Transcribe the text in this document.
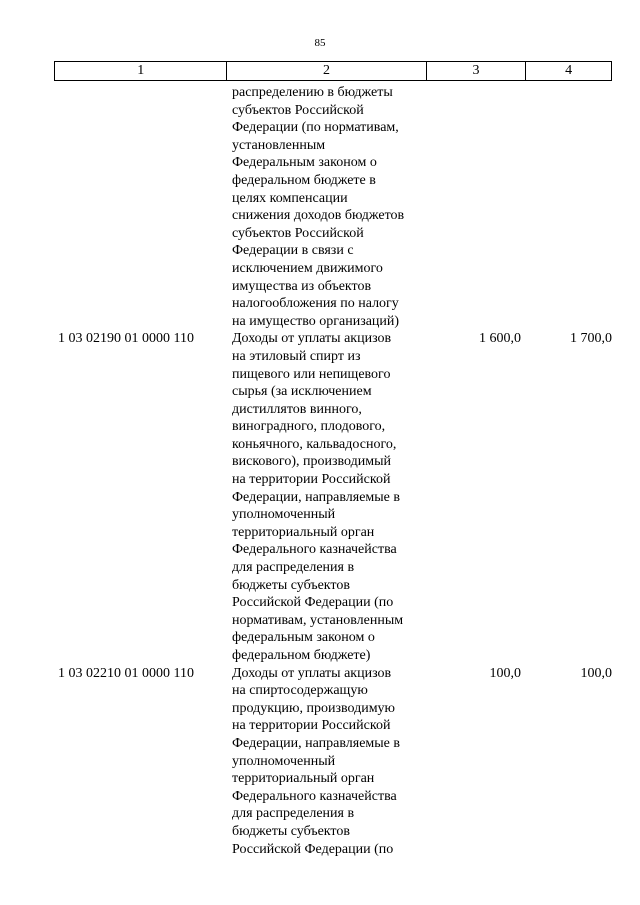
85
1	2	3	4
распределению в бюджеты
субъектов Российской
Федерации (по нормативам,
установленным
Федеральным законом о
федеральном бюджете в
целях компенсации
снижения доходов бюджетов
субъектов Российской
Федерации в связи с
исключением движимого
имущества из объектов
налогообложения по налогу
на имущество организаций)
1 03 02190 01 0000 110	Доходы от уплаты акцизов
на этиловый спирт из
пищевого или непищевого
сырья (за исключением
дистиллятов винного,
виноградного, плодового,
коньячного, кальвадосного,
вискового), производимый
на территории Российской
Федерации, направляемые в
уполномоченный
территориальный орган
Федерального казначейства
для распределения в
бюджеты субъектов
Российской Федерации (по
нормативам, установленным
федеральным законом о
федеральном бюджете)
1 600,0	1 700,0
1 03 02210 01 0000 110	Доходы от уплаты акцизов
на спиртосодержащую
продукцию, производимую
на территории Российской
Федерации, направляемые в
уполномоченный
территориальный орган
Федерального казначейства
для распределения в
бюджеты субъектов
Российской Федерации (по
100,0	100,0
